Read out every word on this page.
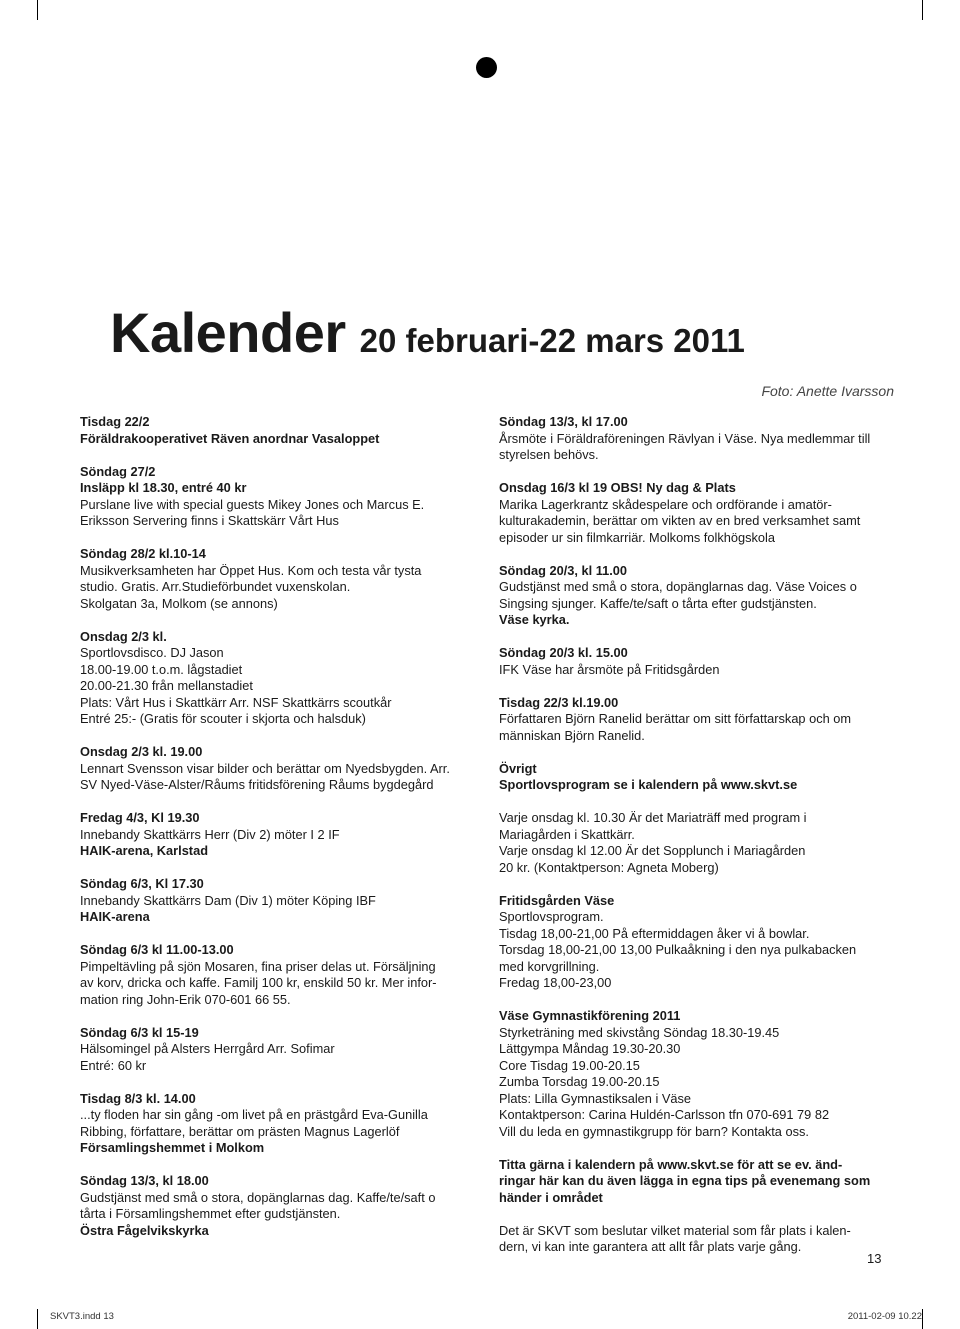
Kalender 20 februari-22 mars 2011
Foto: Anette Ivarsson
Tisdag 22/2
Föräldrakooperativet Räven anordnar Vasaloppet
Söndag 27/2
Insläpp kl 18.30, entré 40 kr
Purslane live with special guests Mikey Jones och Marcus E.
Eriksson Servering finns i Skattskärr Vårt Hus
Söndag 28/2 kl.10-14
Musikverksamheten har Öppet Hus. Kom och testa vår tysta
studio. Gratis. Arr.Studieförbundet vuxenskolan.
Skolgatan 3a, Molkom (se annons)
Onsdag 2/3 kl.
Sportlovsdisco. DJ Jason
18.00-19.00 t.o.m. lågstadiet
20.00-21.30 från mellanstadiet
Plats: Vårt Hus i Skattkärr Arr. NSF Skattkärrs scoutkår
Entré 25:- (Gratis för scouter i skjorta och halsduk)
Onsdag 2/3 kl. 19.00
Lennart Svensson visar bilder och berättar om Nyedsbygden. Arr.
SV Nyed-Väse-Alster/Råums fritidsförening Råums bygdegård
Fredag 4/3, Kl 19.30
Innebandy Skattkärrs Herr (Div 2) möter I 2 IF
HAIK-arena, Karlstad
Söndag 6/3, Kl 17.30
Innebandy Skattkärrs Dam (Div 1) möter Köping IBF
HAIK-arena
Söndag 6/3 kl 11.00-13.00
Pimpeltävling på sjön Mosaren, fina priser delas ut. Försäljning
av korv, dricka och kaffe. Familj 100 kr, enskild 50 kr. Mer infor-
mation ring John-Erik 070-601 66 55.
Söndag 6/3 kl 15-19
Hälsomingel på Alsters Herrgård Arr. Sofimar
Entré: 60 kr
Tisdag 8/3 kl. 14.00
...ty floden har sin gång -om livet på en prästgård Eva-Gunilla
Ribbing, författare, berättar om prästen Magnus Lagerlöf
Församlingshemmet i Molkom
Söndag 13/3, kl 18.00
Gudstjänst med små o stora, dopänglarnas dag. Kaffe/te/saft o
tårta i Församlingshemmet efter gudstjänsten.
Östra Fågelvikskyrka
Söndag 13/3, kl 17.00
Årsmöte i Föräldraföreningen Rävlyan i Väse. Nya medlemmar till
styrelsen behövs.
Onsdag 16/3 kl 19 OBS! Ny dag & Plats
Marika Lagerkrantz skådespelare och ordförande i amatör-
kulturakademin, berättar om vikten av en bred verksamhet samt
episoder ur sin filmkarriär. Molkoms folkhögskola
Söndag 20/3, kl 11.00
Gudstjänst med små o stora, dopänglarnas dag. Väse Voices o
Singsing sjunger. Kaffe/te/saft o tårta efter gudstjänsten.
Väse kyrka.
Söndag 20/3 kl. 15.00
IFK Väse har årsmöte på Fritidsgården
Tisdag 22/3 kl.19.00
Författaren Björn Ranelid berättar om sitt författarskap och om
människan Björn Ranelid.
Övrigt
Sportlovsprogram se i kalendern på www.skvt.se
Varje onsdag kl. 10.30 Är det Mariaträff med program i
Mariagården i Skattkärr.
Varje onsdag kl 12.00 Är det Sopplunch i Mariagården
20 kr. (Kontaktperson: Agneta Moberg)
Fritidsgården Väse
Sportlovsprogram.
Tisdag 18,00-21,00 På eftermiddagen åker vi å bowlar.
Torsdag 18,00-21,00 13,00 Pulkaåkning i den nya pulkabacken
med korvgrillning.
Fredag 18,00-23,00
Väse Gymnastikförening 2011
Styrketräning med skivstång Söndag 18.30-19.45
Lättgympa Måndag 19.30-20.30
Core Tisdag 19.00-20.15
Zumba Torsdag 19.00-20.15
Plats: Lilla Gymnastiksalen i Väse
Kontaktperson: Carina Huldén-Carlsson tfn 070-691 79 82
Vill du leda en gymnastikgrupp för barn? Kontakta oss.
Titta gärna i kalendern på www.skvt.se för att se ev. änd-
ringar här kan du även lägga in egna tips på evenemang som
händer i området
Det är SKVT som beslutar vilket material som får plats i kalen-
dern, vi kan inte garantera att allt får plats varje gång.
13
SKVT3.indd 13	2011-02-09 10.22
